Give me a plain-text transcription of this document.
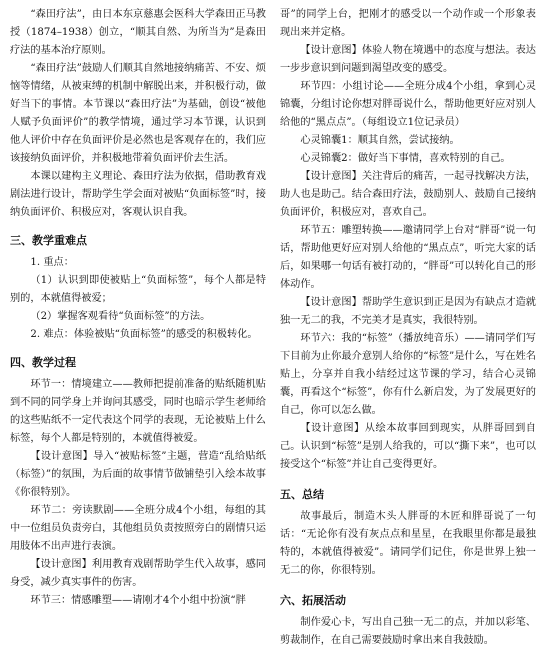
“森田疗法”，由日本东京慈惠会医科大学森田正马教授（1874–1938）创立，“顺其自然、为所当为”是森田疗法的基本治疗原则。

“森田疗法”鼓励人们顺其自然地接纳痛苦、不安、烦恼等情绪，从被束缚的机制中解脱出来，并积极行动，做好当下的事情。本节课以“森田疗法”为基础，创设“被他人赋予负面评价”的教学情境，通过学习本节课，认识到他人评价中存在负面评价是必然也是客观存在的，我们应该接纳负面评价，并积极地带着负面评价去生活。

本课以建构主义理论、森田疗法为依据，借助教育戏剧法进行设计，帮助学生学会面对被贴“负面标签”时，接纳负面评价、积极应对，客观认识自我。

三、教学重难点

1. 重点：

（1）认识到即使被贴上“负面标签”，每个人都是特别的，本就值得被爱；

（2）掌握客观看待“负面标签”的方法。

2. 难点：体验被贴“负面标签”的感受的积极转化。

四、教学过程

环节一：情境建立——教师把提前准备的贴纸随机贴到不同的同学身上并询问其感受，同时也暗示学生老师给的这些贴纸不一定代表这个同学的表现，无论被贴上什么标签，每个人都是特别的，本就值得被爱。

【设计意图】导入“被贴标签”主题，营造“乱给贴纸（标签）”的氛围，为后面的故事情节做铺垫引入绘本故事《你很特别》。

环节二：旁读默剧——全班分成4个小组，每组的其中一位组员负责旁白，其他组员负责按照旁白的剧情只运用肢体不出声进行表演。

【设计意图】利用教育戏剧帮助学生代入故事，感同身受，减少真实事件的伤害。

环节三：情感雕塑——请刚才4个小组中扮演“胖

哥”的同学上台，把刚才的感受以一个动作或一个形象表现出来并定格。

【设计意图】体验人物在境遇中的态度与想法。表达一步步意识到问题到渴望改变的感受。

环节四：小组讨论——全班分成4个小组，拿到心灵锦囊，分组讨论你想对胖哥说什么，帮助他更好应对别人给他的“黑点点”。（每组设立1位记录员）

心灵锦囊1：顺其自然，尝试接纳。

心灵锦囊2：做好当下事情，喜欢特别的自己。

【设计意图】关注背后的痛苦，一起寻找解决方法，助人也是助己。结合森田疗法，鼓励别人、鼓励自己接纳负面评价，积极应对，喜欢自己。

环节五：雕塑转换——邀请同学上台对“胖哥”说一句话，帮助他更好应对别人给他的“黑点点”，听完大家的话后，如果哪一句话有被打动的，“胖哥”可以转化自己的形体动作。

【设计意图】帮助学生意识到正是因为有缺点才造就独一无二的我，不完美才是真实，我很特别。

环节六：我的“标签”（播放纯音乐）——请同学们写下目前为止你最介意别人给你的“标签”是什么，写在姓名贴上，分享并自我小结经过这节课的学习，结合心灵锦囊，再看这个“标签”，你有什么新启发，为了发展更好的自己，你可以怎么做。

【设计意图】从绘本故事回到现实，从胖哥回到自己。认识到“标签”是别人给我的，可以“撕下来”，也可以接受这个“标签”并让自己变得更好。

五、总结

故事最后，制造木头人胖哥的木匠和胖哥说了一句话：“无论你有没有灰点点和星星，在我眼里你都是最独特的，本就值得被爱”。请同学们记住，你是世界上独一无二的你，你很特别。

六、拓展活动

制作爱心卡，写出自己独一无二的点，并加以彩笔、剪裁制作，在自己需要鼓励时拿出来自我鼓励。
